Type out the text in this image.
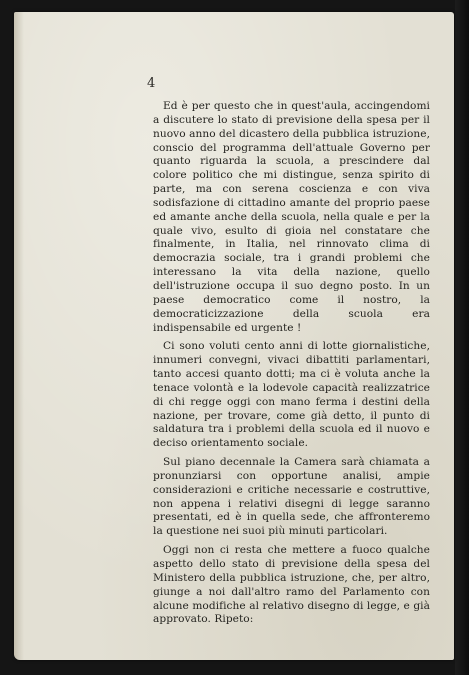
4

Ed è per questo che in quest'aula, accingendomi a discutere lo stato di previsione della spesa per il nuovo anno del dicastero della pubblica istruzione, conscio del programma dell'attuale Governo per quanto riguarda la scuola, a prescindere dal colore politico che mi distingue, senza spirito di parte, ma con serena coscienza e con viva sodisfazione di cittadino amante del proprio paese ed amante anche della scuola, nella quale e per la quale vivo, esulto di gioia nel constatare che finalmente, in Italia, nel rinnovato clima di democrazia sociale, tra i grandi problemi che interessano la vita della nazione, quello dell'istruzione occupa il suo degno posto. In un paese democratico come il nostro, la democraticizzazione della scuola era indispensabile ed urgente !

Ci sono voluti cento anni di lotte giornalistiche, innumeri convegni, vivaci dibattiti parlamentari, tanto accesi quanto dotti; ma ci è voluta anche la tenace volontà e la lodevole capacità realizzatrice di chi regge oggi con mano ferma i destini della nazione, per trovare, come già detto, il punto di saldatura tra i problemi della scuola ed il nuovo e deciso orientamento sociale.

Sul piano decennale la Camera sarà chiamata a pronunziarsi con opportune analisi, ampie considerazioni e critiche necessarie e costruttive, non appena i relativi disegni di legge saranno presentati, ed è in quella sede, che affronteremo la questione nei suoi più minuti particolari.

Oggi non ci resta che mettere a fuoco qualche aspetto dello stato di previsione della spesa del Ministero della pubblica istruzione, che, per altro, giunge a noi dall'altro ramo del Parlamento con alcune modifiche al relativo disegno di legge, e già approvato. Ripeto:
